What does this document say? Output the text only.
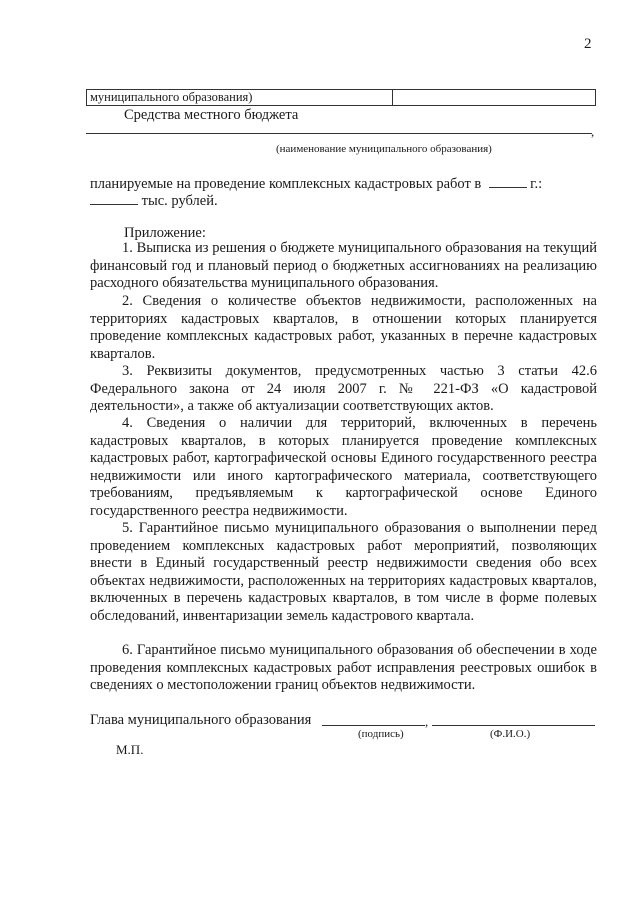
2
муниципального образования)
Средства местного бюджета
,
(наименование муниципального образования)
планируемые на проведение комплексных кадастровых работ в	г.:
тыс. рублей.
Приложение:
1. Выписка из решения о бюджете муниципального образования на текущий финансовый год и плановый период о бюджетных ассигнованиях на реализацию расходного обязательства муниципального образования.
2. Сведения о количестве объектов недвижимости, расположенных на территориях кадастровых кварталов, в отношении которых планируется проведение комплексных кадастровых работ, указанных в перечне кадастровых кварталов.
3. Реквизиты документов, предусмотренных частью 3 статьи 42.6 Федерального закона от 24 июля 2007 г. № 221-ФЗ «О кадастровой деятельности», а также об актуализации соответствующих актов.
4. Сведения о наличии для территорий, включенных в перечень кадастровых кварталов, в которых планируется проведение комплексных кадастровых работ, картографической основы Единого государственного реестра недвижимости или иного картографического материала, соответствующего требованиям, предъявляемым к картографической основе Единого государственного реестра недвижимости.
5. Гарантийное письмо муниципального образования о выполнении перед проведением комплексных кадастровых работ мероприятий, позволяющих внести в Единый государственный реестр недвижимости сведения обо всех объектах недвижимости, расположенных на территориях кадастровых кварталов, включенных в перечень кадастровых кварталов, в том числе в форме полевых обследований, инвентаризации земель кадастрового квартала.
6. Гарантийное письмо муниципального образования об обеспечении в ходе проведения комплексных кадастровых работ исправления реестровых ошибок в сведениях о местоположении границ объектов недвижимости.
Глава муниципального образования	,
(подпись)	(Ф.И.О.)
М.П.
